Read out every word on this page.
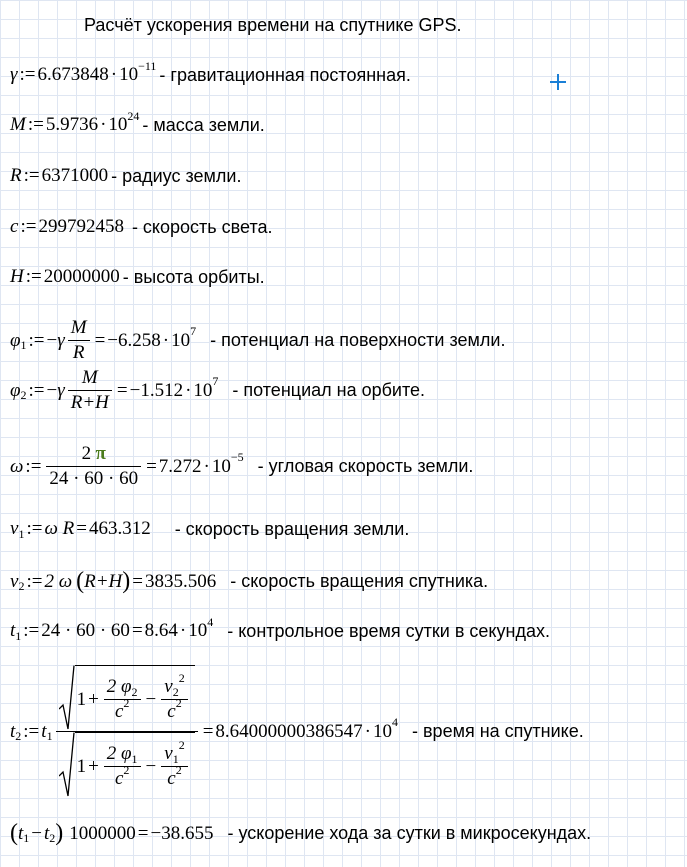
Расчёт ускорения времени на спутнике GPS.
γ := 6.673848 · 10 −11 - гравитационная постоянная.
M := 5.9736 · 10 24 - масса земли.
R := 6371000 - радиус земли.
c := 299792458 - скорость света.
H := 20000000 - высота орбиты.
φ 1 := − γ $\frac{M}{R} = -6.258 \cdot 10$ 7 - потенциал на поверхности земли.
φ 2 := − γ $\frac{M}{R+H} = -1.512 \cdot 10$ 7 - потенциал на орбите.
ω := 2
π
24 · 60 · 60 = 7.272 · 10 −5 - угловая скорость земли.
v 1 := ω R = 463.312 - скорость вращения земли.
v 2 := 2 ω ( R+H ) = 3835.506 - скорость вращения спутника.
t 1 := 24 · 60 · 60 = 8.64 · 10 4 - контрольное время сутки в секундах.
t 2 := t 1
$1 + \frac{2 \varphi 2}{c 2} - v$ 2
2
c 2
$1 + \frac{2 \varphi 1}{c 2} - v$ 1
2
c 2
= 8.64000000386547 · 10 4 - время на спутнике.
( t 1 − t 2 ) 1000000 = −38.655 - ускорение хода за сутки в микросекундах.
